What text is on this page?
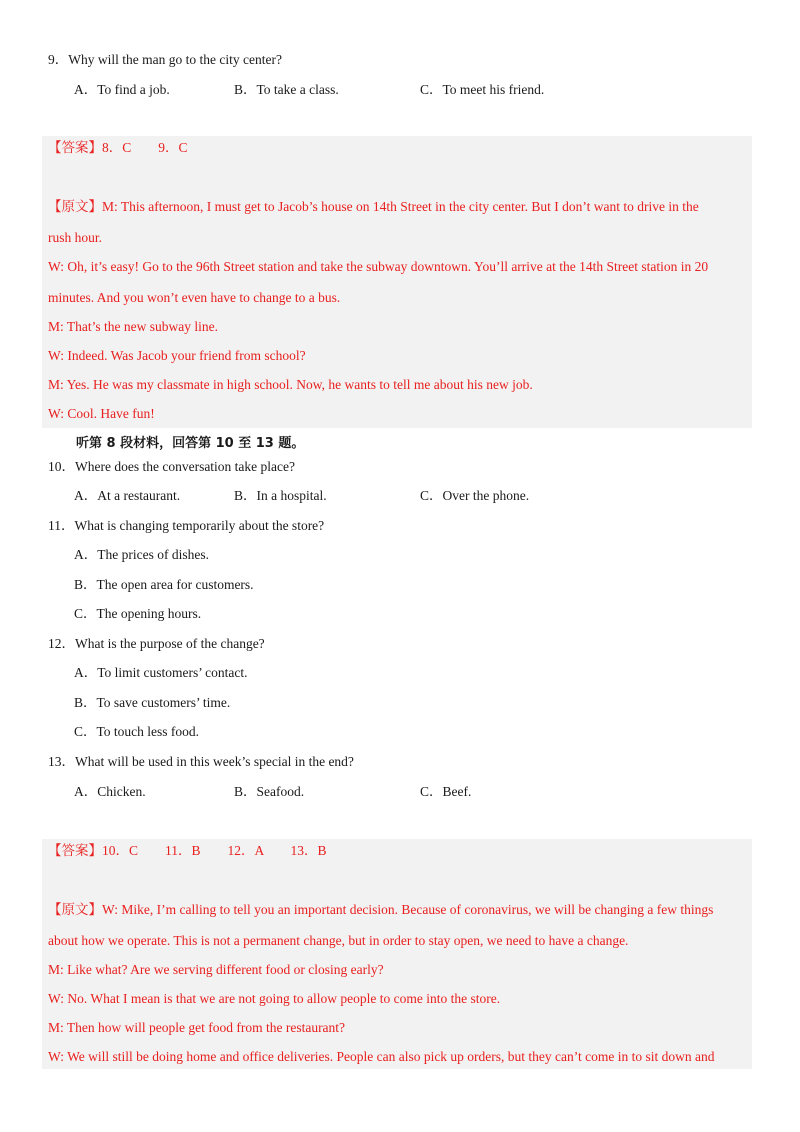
9．Why will the man go to the city center?
A．To find a job.	B．To take a class.	C．To meet his friend.
【答案】8．C　　9．C
【原文】M: This afternoon, I must get to Jacob’s house on 14th Street in the city center. But I don’t want to drive in the
rush hour.
W: Oh, it’s easy! Go to the 96th Street station and take the subway downtown. You’ll arrive at the 14th Street station in 20
minutes. And you won’t even have to change to a bus.
M: That’s the new subway line.
W: Indeed. Was Jacob your friend from school?
M: Yes. He was my classmate in high school. Now, he wants to tell me about his new job.
W: Cool. Have fun!
听第 8 段材料，回答第 10 至 13 题。
10．Where does the conversation take place?
A．At a restaurant.	B．In a hospital.	C．Over the phone.
11．What is changing temporarily about the store?
A．The prices of dishes.
B．The open area for customers.
C．The opening hours.
12．What is the purpose of the change?
A．To limit customers’ contact.
B．To save customers’ time.
C．To touch less food.
13．What will be used in this week’s special in the end?
A．Chicken.	B．Seafood.	C．Beef.
【答案】10．C　　11．B　　12．A　　13．B
【原文】W: Mike, I’m calling to tell you an important decision. Because of coronavirus, we will be changing a few things
about how we operate. This is not a permanent change, but in order to stay open, we need to have a change.
M: Like what? Are we serving different food or closing early?
W: No. What I mean is that we are not going to allow people to come into the store.
M: Then how will people get food from the restaurant?
W: We will still be doing home and office deliveries. People can also pick up orders, but they can’t come in to sit down and
